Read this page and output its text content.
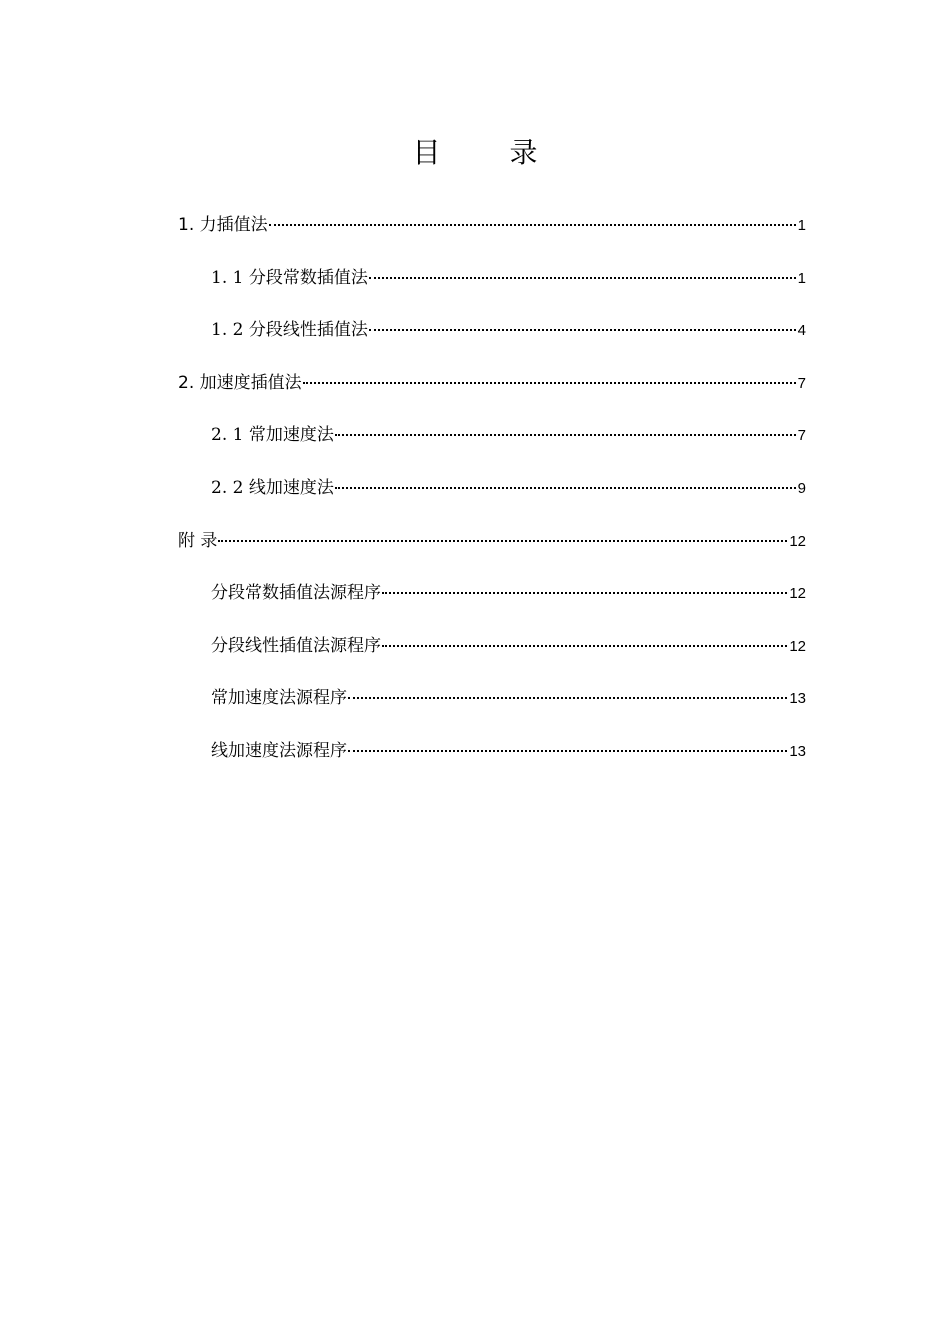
目 录
1. 力插值法	1
1. 1 分段常数插值法	1
1. 2 分段线性插值法	4
2. 加速度插值法	7
2. 1 常加速度法	7
2. 2 线加速度法	9
附 录	12
分段常数插值法源程序	12
分段线性插值法源程序	12
常加速度法源程序	13
线加速度法源程序	13
